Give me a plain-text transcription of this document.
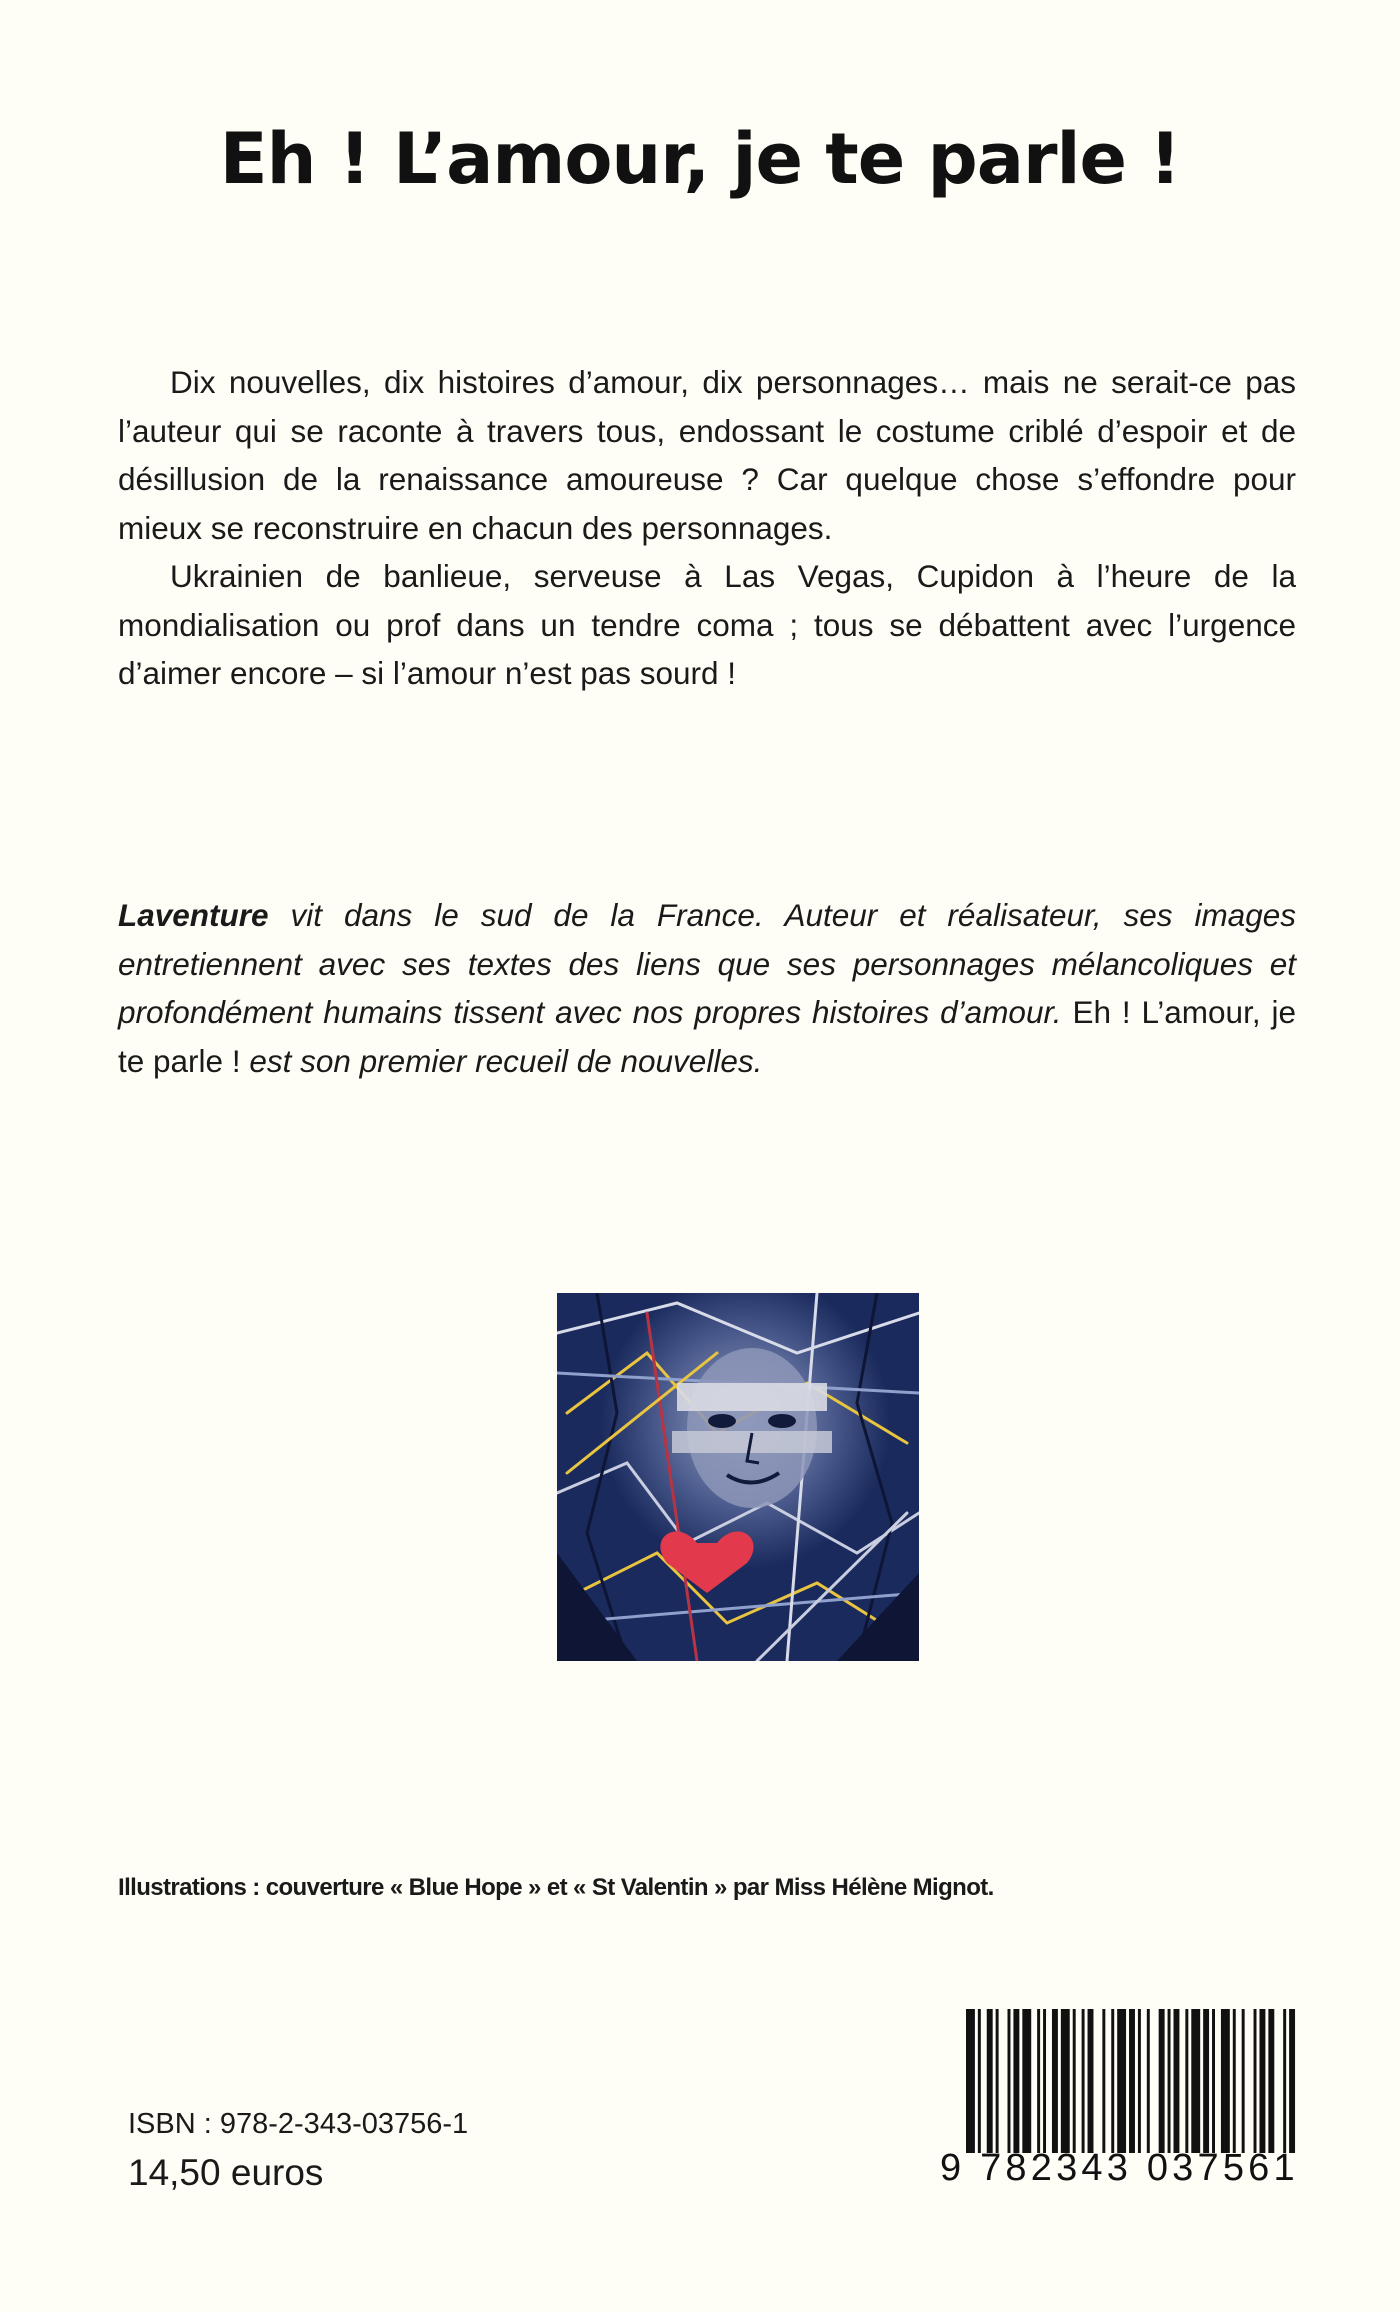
Eh ! L’amour, je te parle !

Dix nouvelles, dix histoires d’amour, dix personnages… mais ne serait-ce pas l’auteur qui se raconte à travers tous, endossant le costume criblé d’espoir et de désillusion de la renaissance amoureuse ? Car quelque chose s’effondre pour mieux se reconstruire en chacun des personnages.

Ukrainien de banlieue, serveuse à Las Vegas, Cupidon à l’heure de la mondialisation ou prof dans un tendre coma ; tous se débattent avec l’urgence d’aimer encore – si l’amour n’est pas sourd !

Laventure vit dans le sud de la France. Auteur et réalisateur, ses images entretiennent avec ses textes des liens que ses personnages mélancoliques et profondément humains tissent avec nos propres histoires d’amour. Eh ! L’amour, je te parle ! est son premier recueil de nouvelles.

Illustrations : couverture « Blue Hope » et « St Valentin » par Miss Hélène Mignot.

ISBN : 978-2-343-03756-1

14,50 euros	9 782343 037561
